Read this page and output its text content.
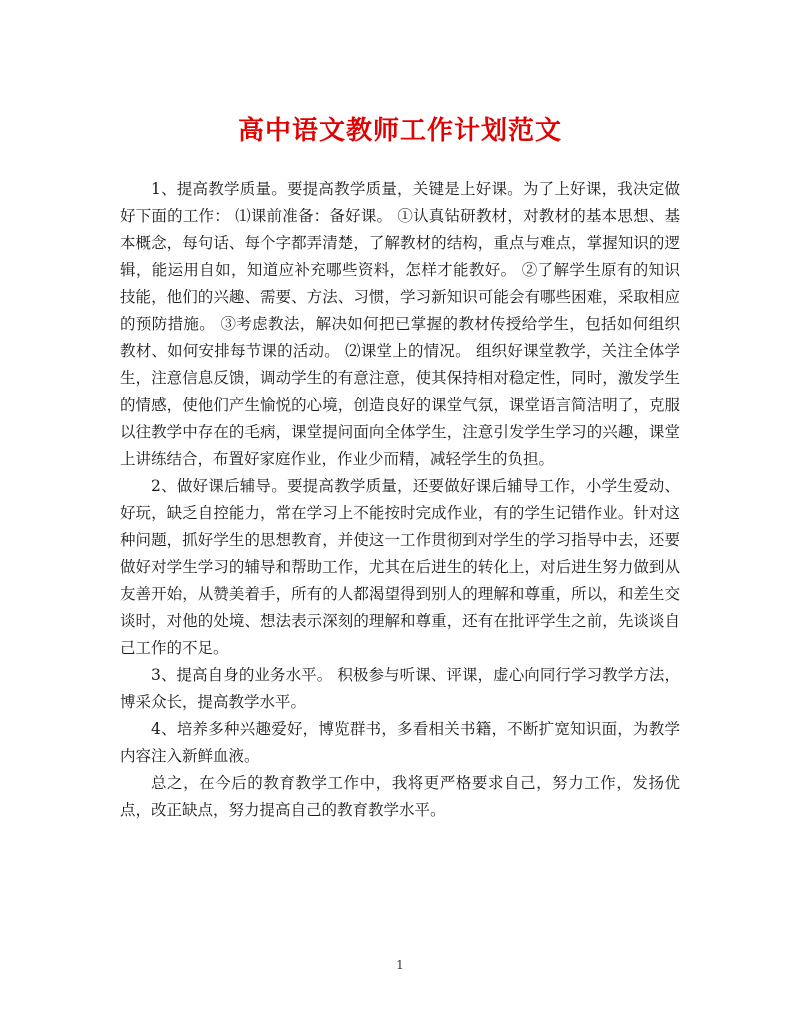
高中语文教师工作计划范文

1、提高教学质量。要提高教学质量，关键是上好课。为了上好课，我决定做好下面的工作： ⑴课前准备：备好课。 ①认真钻研教材，对教材的基本思想、基本概念，每句话、每个字都弄清楚，了解教材的结构，重点与难点，掌握知识的逻辑，能运用自如，知道应补充哪些资料，怎样才能教好。 ②了解学生原有的知识技能，他们的兴趣、需要、方法、习惯，学习新知识可能会有哪些困难，采取相应的预防措施。 ③考虑教法，解决如何把已掌握的教材传授给学生，包括如何组织教材、如何安排每节课的活动。 ⑵课堂上的情况。 组织好课堂教学，关注全体学生，注意信息反馈，调动学生的有意注意，使其保持相对稳定性，同时，激发学生的情感，使他们产生愉悦的心境，创造良好的课堂气氛，课堂语言简洁明了，克服以往教学中存在的毛病，课堂提问面向全体学生，注意引发学生学习的兴趣，课堂上讲练结合，布置好家庭作业，作业少而精，减轻学生的负担。

2、做好课后辅导。要提高教学质量，还要做好课后辅导工作，小学生爱动、好玩，缺乏自控能力，常在学习上不能按时完成作业，有的学生记错作业。针对这种问题，抓好学生的思想教育，并使这一工作贯彻到对学生的学习指导中去，还要做好对学生学习的辅导和帮助工作，尤其在后进生的转化上，对后进生努力做到从友善开始，从赞美着手，所有的人都渴望得到别人的理解和尊重，所以，和差生交谈时，对他的处境、想法表示深刻的理解和尊重，还有在批评学生之前，先谈谈自己工作的不足。

3、提高自身的业务水平。 积极参与听课、评课，虚心向同行学习教学方法，博采众长，提高教学水平。

4、培养多种兴趣爱好，博览群书，多看相关书籍，不断扩宽知识面，为教学内容注入新鲜血液。

总之，在今后的教育教学工作中，我将更严格要求自己，努力工作，发扬优点，改正缺点，努力提高自己的教育教学水平。

1
